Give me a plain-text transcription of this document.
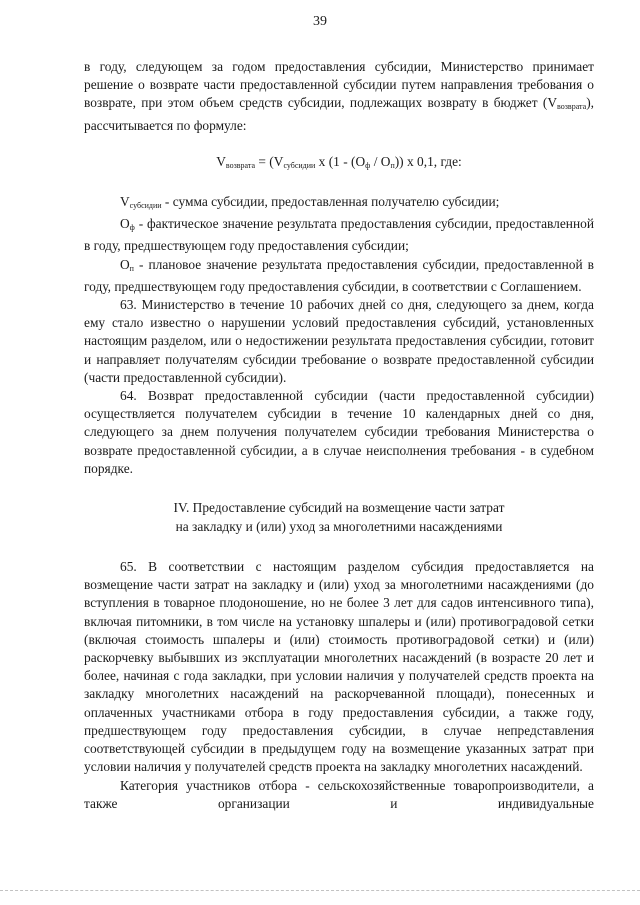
39

в году, следующем за годом предоставления субсидии, Министерство принимает решение о возврате части предоставленной субсидии путем направления требования о возврате, при этом объем средств субсидии, подлежащих возврату в бюджет $(V_{возврата})$, рассчитывается по формуле:

$V_{возврата} = (V_{субсидии}$ x $(1 - (O_ф / O_п))$ x 0,1, где:

$V_{субсидии}$ - сумма субсидии, предоставленная получателю субсидии;

$O_ф$ - фактическое значение результата предоставления субсидии, предоставленной в году, предшествующем году предоставления субсидии;

$O_п$ - плановое значение результата предоставления субсидии, предоставленной в году, предшествующем году предоставления субсидии, в соответствии с Соглашением.

63. Министерство в течение 10 рабочих дней со дня, следующего за днем, когда ему стало известно о нарушении условий предоставления субсидий, установленных настоящим разделом, или о недостижении результата предоставления субсидии, готовит и направляет получателям субсидии требование о возврате предоставленной субсидии (части предоставленной субсидии).

64. Возврат предоставленной субсидии (части предоставленной субсидии) осуществляется получателем субсидии в течение 10 календарных дней со дня, следующего за днем получения получателем субсидии требования Министерства о возврате предоставленной субсидии, а в случае неисполнения требования - в судебном порядке.

IV. Предоставление субсидий на возмещение части затрат
на закладку и (или) уход за многолетними насаждениями

65. В соответствии с настоящим разделом субсидия предоставляется на возмещение части затрат на закладку и (или) уход за многолетними насаждениями (до вступления в товарное плодоношение, но не более 3 лет для садов интенсивного типа), включая питомники, в том числе на установку шпалеры и (или) противоградовой сетки (включая стоимость шпалеры и (или) стоимость противоградовой сетки) и (или) раскорчевку выбывших из эксплуатации многолетних насаждений (в возрасте 20 лет и более, начиная с года закладки, при условии наличия у получателей средств проекта на закладку многолетних насаждений на раскорчеванной площади), понесенных и оплаченных участниками отбора в году предоставления субсидии, а также году, предшествующем году предоставления субсидии, в случае непредставления соответствующей субсидии в предыдущем году на возмещение указанных затрат при условии наличия у получателей средств проекта на закладку многолетних насаждений.

Категория участников отбора - сельскохозяйственные товаропроизводители, а также организации и индивидуальные
